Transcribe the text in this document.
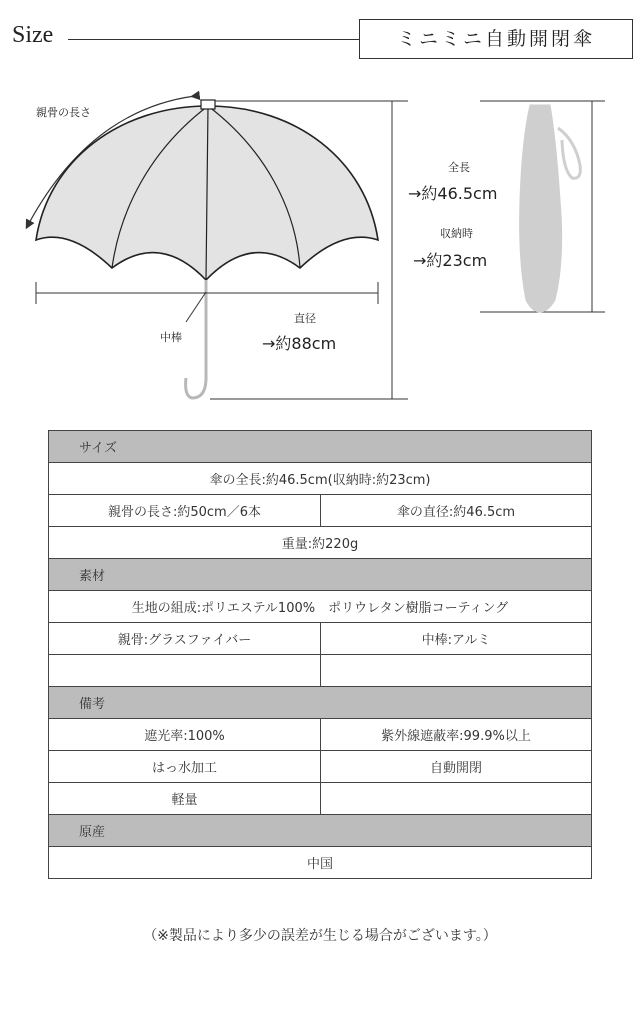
Size	ミニミニ自動開閉傘
親骨の長さ
中棒
直径
→約88cm
全長
→約46.5cm
収納時
→約23cm
サイズ	
傘の全長:約46.5cm(収納時:約23cm)	
親骨の長さ:約50cm／6本	傘の直径:約46.5cm
重量:約220g	
素材	
生地の組成:ポリエステル100%　ポリウレタン樹脂コーティング	
親骨:グラスファイバー	中棒:アルミ

備考	
遮光率:100%	紫外線遮蔽率:99.9%以上
はっ水加工	自動開閉
軽量	
原産	
中国	
（※製品により多少の誤差が生じる場合がございます。）
